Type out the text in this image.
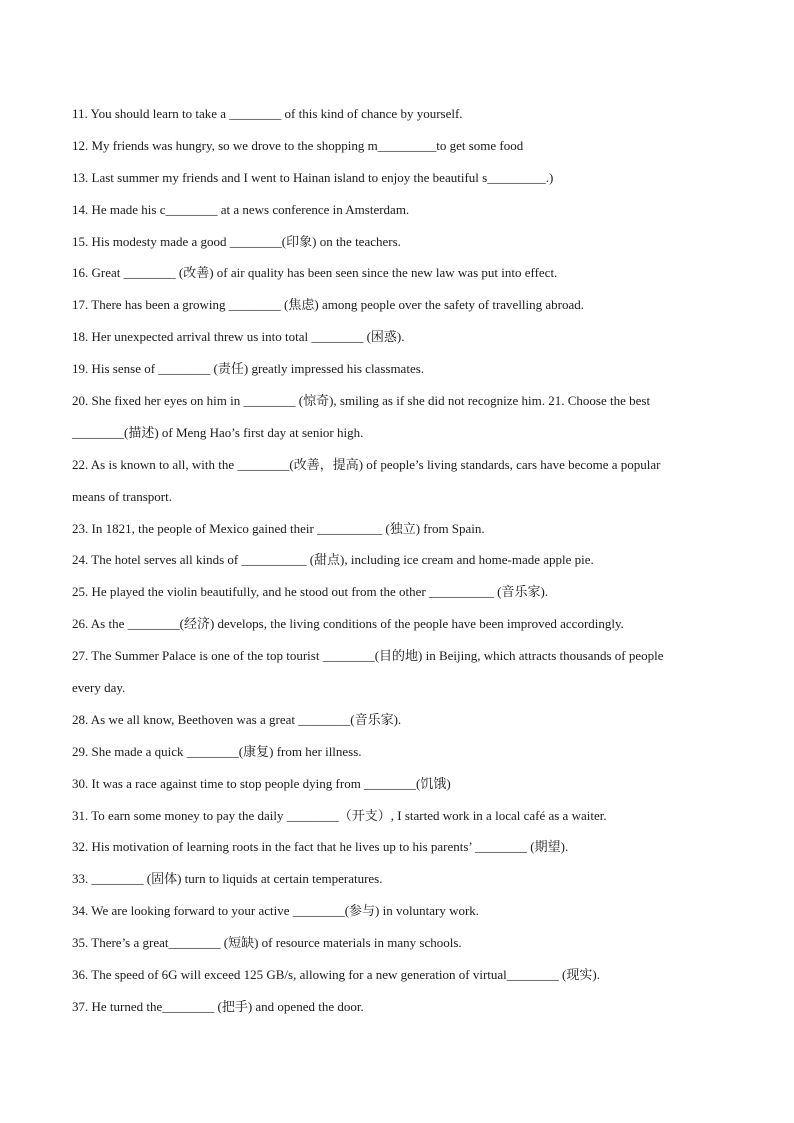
11. You should learn to take a ________ of this kind of chance by yourself.
12. My friends was hungry, so we drove to the shopping m_________to get some food
13. Last summer my friends and I went to Hainan island to enjoy the beautiful s_________.)
14. He made his c________ at a news conference in Amsterdam.
15. His modesty made a good ________(印象) on the teachers.
16. Great ________ (改善) of air quality has been seen since the new law was put into effect.
17. There has been a growing ________ (焦虑) among people over the safety of travelling abroad.
18. Her unexpected arrival threw us into total ________ (困惑).
19. His sense of ________ (责任) greatly impressed his classmates.
20. She fixed her eyes on him in ________ (惊奇), smiling as if she did not recognize him. 21. Choose the best
________(描述) of Meng Hao’s first day at senior high.
22. As is known to all, with the ________(改善，提高) of people’s living standards, cars have become a popular
means of transport.
23. In 1821, the people of Mexico gained their __________ (独立) from Spain.
24. The hotel serves all kinds of __________ (甜点), including ice cream and home-made apple pie.
25. He played the violin beautifully, and he stood out from the other __________ (音乐家).
26. As the ________(经济) develops, the living conditions of the people have been improved accordingly.
27. The Summer Palace is one of the top tourist ________(目的地) in Beijing, which attracts thousands of people
every day.
28. As we all know, Beethoven was a great ________(音乐家).
29. She made a quick ________(康复) from her illness.
30. It was a race against time to stop people dying from ________(饥饿)
31. To earn some money to pay the daily ________（开支）, I started work in a local café as a waiter.
32. His motivation of learning roots in the fact that he lives up to his parents’ ________ (期望).
33. ________ (固体) turn to liquids at certain temperatures.
34. We are looking forward to your active ________(参与) in voluntary work.
35. There’s a great________ (短缺) of resource materials in many schools.
36. The speed of 6G will exceed 125 GB/s, allowing for a new generation of virtual________ (现实).
37. He turned the________ (把手) and opened the door.
